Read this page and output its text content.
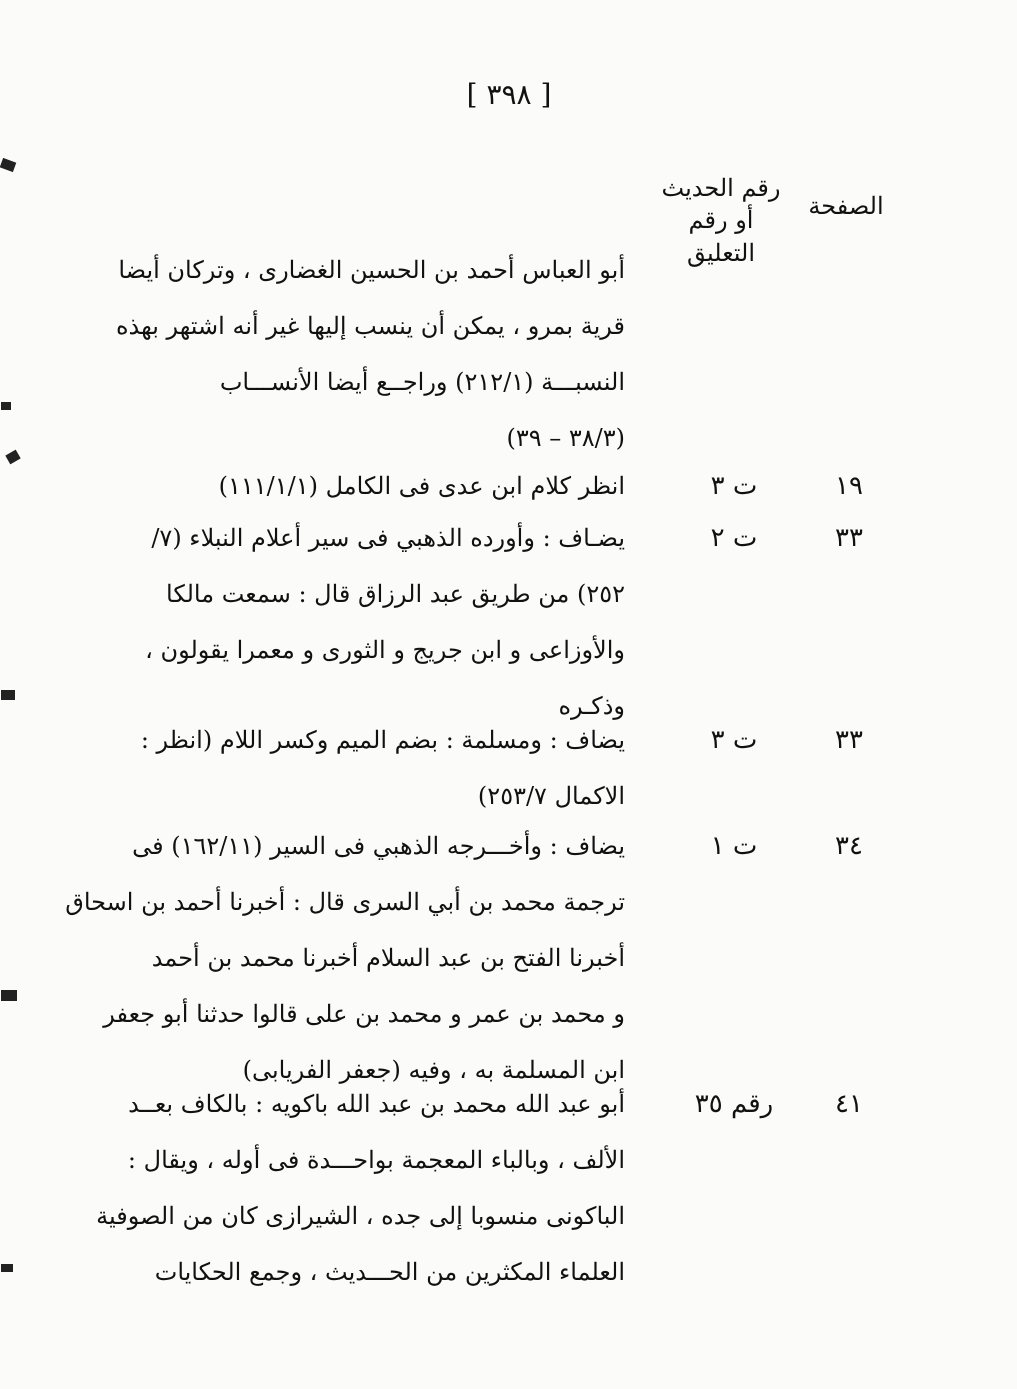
[ ٣٩٨ ]
الصفحة
رقم الحديث
أو رقم التعليق
أبو العباس أحمد بن الحسين الغضارى ، وتركان أيضا
قرية بمرو ، يمكن أن ينسب إليها غير أنه اشتهر بهذه
النسبـــة (٢١٢/١) وراجــع أيضا الأنســـاب
(٣٨/٣ – ٣٩)
١٩
ت ٣
انظر كلام ابن عدى فى الكامل (١١١/١/١)
٣٣
ت ٢
يضـاف : وأورده الذهبي فى سير أعلام النبلاء (٧/
٢٥٢) من طريق عبد الرزاق قال : سمعت مالكا
والأوزاعى و ابن جريج و الثورى و معمرا يقولون ،
وذكـره
٣٣
ت ٣
يضاف : ومسلمة : بضم الميم وكسر اللام (انظر :
الاكمال ٢٥٣/٧)
٣٤
ت ١
يضاف : وأخـــرجه الذهبي فى السير (١٦٢/١١) فى
ترجمة محمد بن أبي السرى قال : أخبرنا أحمد بن اسحاق
أخبرنا الفتح بن عبد السلام أخبرنا محمد بن أحمد
و محمد بن عمر و محمد بن على قالوا حدثنا أبو جعفر
ابن المسلمة به ، وفيه (جعفر الفريابى)
٤١
رقم ٣٥
أبو عبد الله محمد بن عبد الله باكويه : بالكاف بعــد
الألف ، وبالباء المعجمة بواحـــدة فى أوله ، ويقال :
الباكونى منسوبا إلى جده ، الشيرازى كان من الصوفية
العلماء المكثرين من الحـــديث ، وجمع الحكايات
